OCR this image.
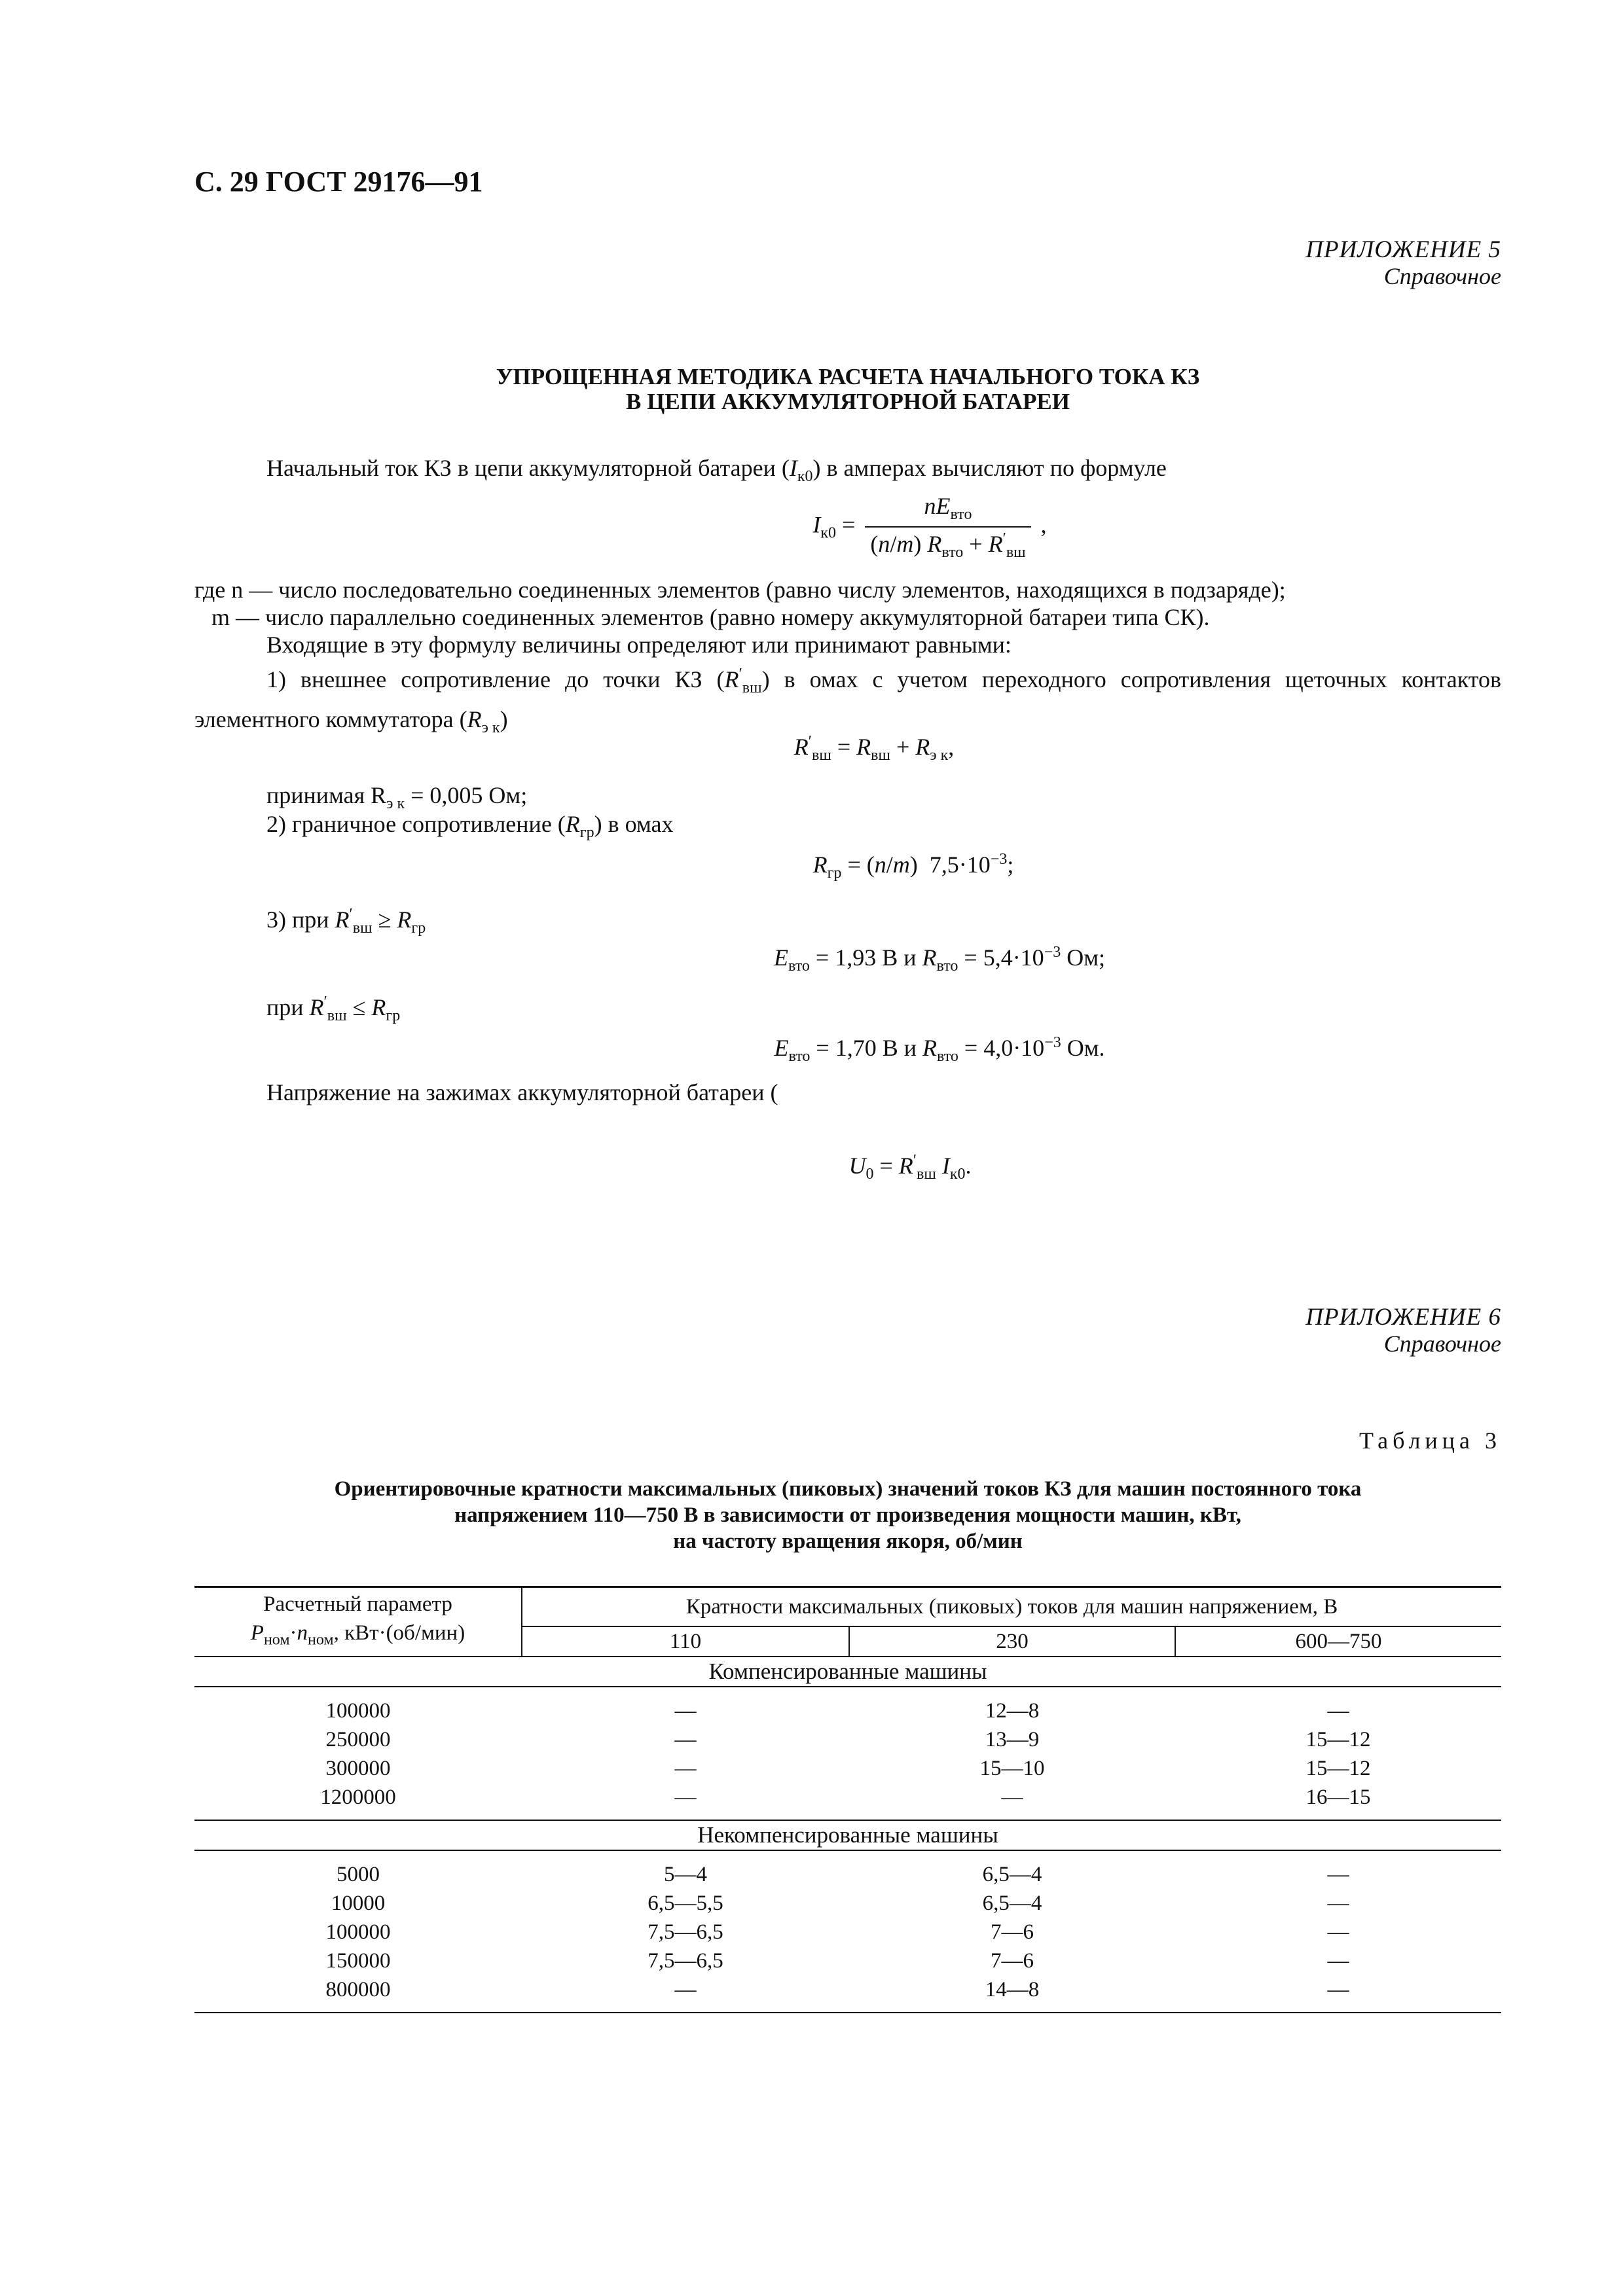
С. 29 ГОСТ 29176—91
ПРИЛОЖЕНИЕ 5
Справочное
УПРОЩЕННАЯ МЕТОДИКА РАСЧЕТА НАЧАЛЬНОГО ТОКА КЗ
В ЦЕПИ АККУМУЛЯТОРНОЙ БАТАРЕИ
Начальный ток КЗ в цепи аккумуляторной батареи $(I_{к0})$ в амперах вычисляют по формуле
$I_{к0} = \frac{nE_{вто}}{(n/m) R_{вто} + R'_{вш}}$ ,
где n — число последовательно соединенных элементов (равно числу элементов, находящихся в подзаряде);
m — число параллельно соединенных элементов (равно номеру аккумуляторной батареи типа СК).
Входящие в эту формулу величины определяют или принимают равными:
1) внешнее сопротивление до точки КЗ $(R'_{вш})$ в омах с учетом переходного сопротивления щеточных контактов элементного коммутатора $(R_{э к})$
$R'_{вш} = R_{вш} + R_{э к}$,
принимая $R_{э к} = 0,005$ Ом;
2) граничное сопротивление $(R_{гр})$ в омах
$R_{гр} = (n/m)$  $7,5\cdot 10^{-3}$;
3) при $R'_{вш} \ge R_{гр}$
$E_{вто} = 1,93$ В и $R_{вто} = 5,4\cdot 10^{-3}$ Ом;
при $R'_{вш} \le R_{гр}$
$E_{вто} = 1,70$ В и $R_{вто} = 4,0\cdot 10^{-3}$ Ом.
Напряжение на зажимах аккумуляторной батареи (
$U_0 = R'_{вш}$ $I_{к0}$.
ПРИЛОЖЕНИЕ 6
Справочное
Таблица 3
Ориентировочные кратности максимальных (пиковых) значений токов КЗ для машин постоянного тока
напряжением 110—750 В в зависимости от произведения мощности машин, кВт,
на частоту вращения якоря, об/мин
Расчетный параметр
$P_{ном}\cdot n_{ном}$, кВт·(об/мин)	Кратности максимальных (пиковых) токов для машин напряжением, В		
	110	230	600—750
Компенсированные машины			
100000	—	12—8	—
250000	—	13—9	15—12
300000	—	15—10	15—12
1200000	—	—	16—15
Некомпенсированные машины			
5000	5—4	6,5—4	—
10000	6,5—5,5	6,5—4	—
100000	7,5—6,5	7—6	—
150000	7,5—6,5	7—6	—
800000	—	14—8	—
